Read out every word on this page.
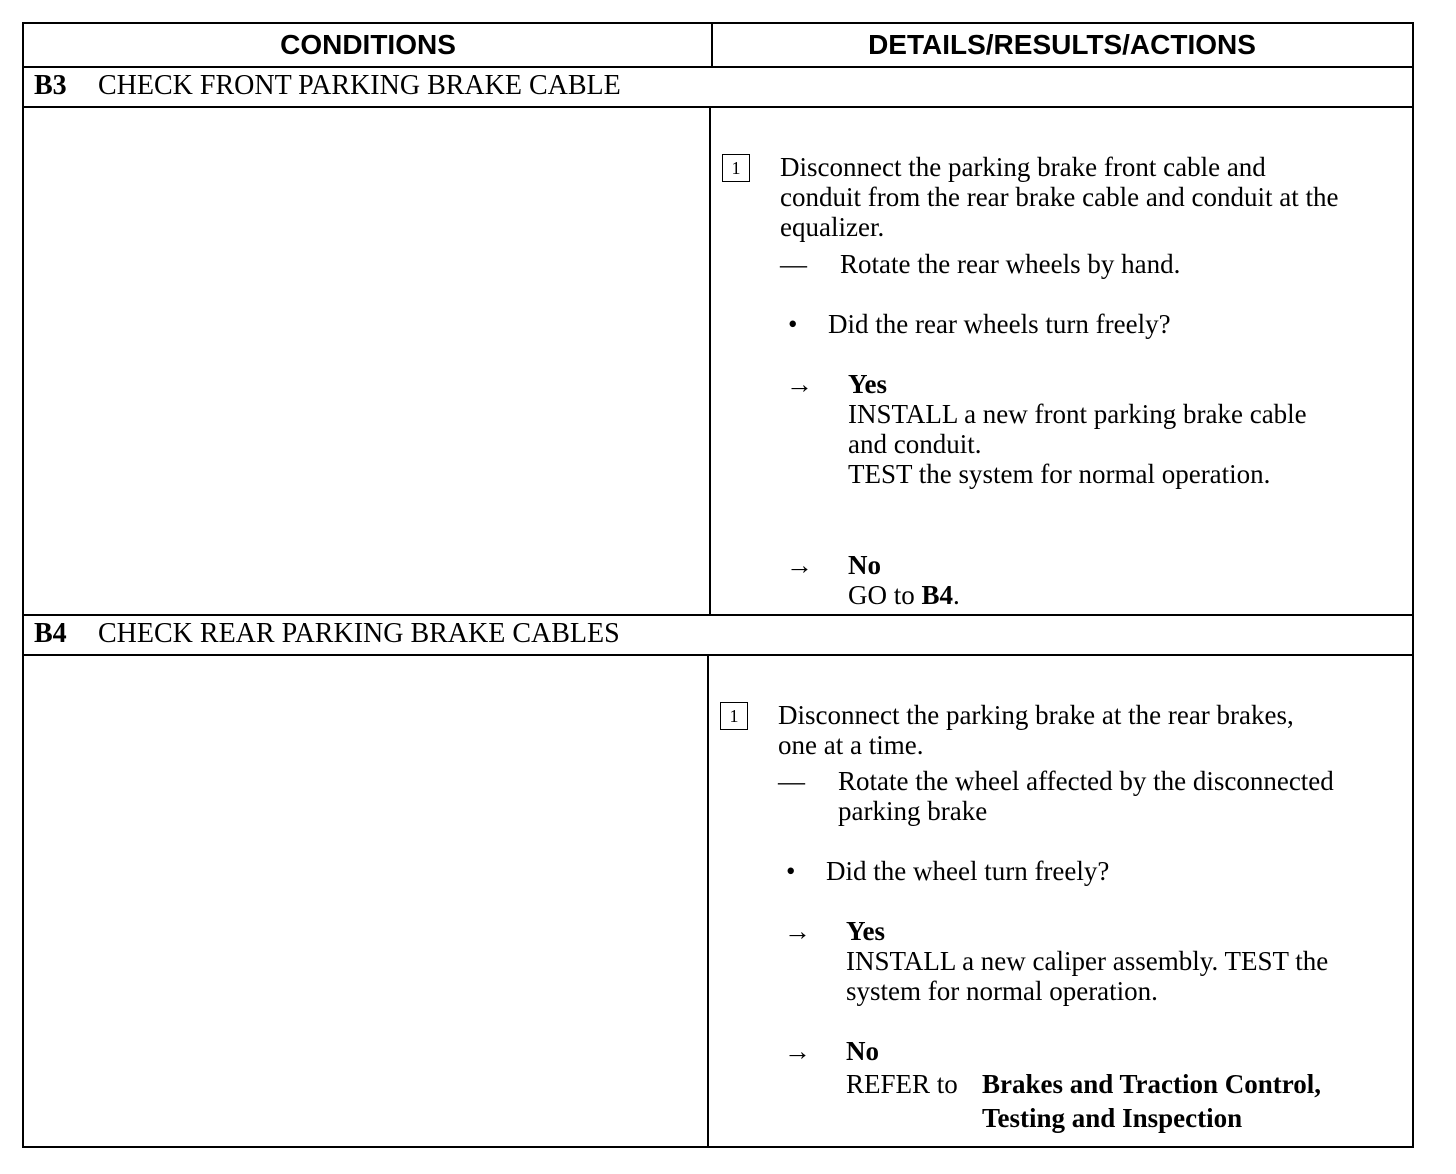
CONDITIONS	DETAILS/RESULTS/ACTIONS
B3 CHECK FRONT PARKING BRAKE CABLE
1	Disconnect the parking brake front cable and
conduit from the rear brake cable and conduit at the
equalizer.
— Rotate the rear wheels by hand.
• Did the rear wheels turn freely?
→ Yes
INSTALL a new front parking brake cable
and conduit.
TEST the system for normal operation.
→ No
GO to B4.
B4 CHECK REAR PARKING BRAKE CABLES
1	Disconnect the parking brake at the rear brakes,
one at a time.
— Rotate the wheel affected by the disconnected
parking brake
• Did the wheel turn freely?
→ Yes
INSTALL a new caliper assembly. TEST the
system for normal operation.
→ No
REFER to Brakes and Traction Control,
Testing and Inspection
